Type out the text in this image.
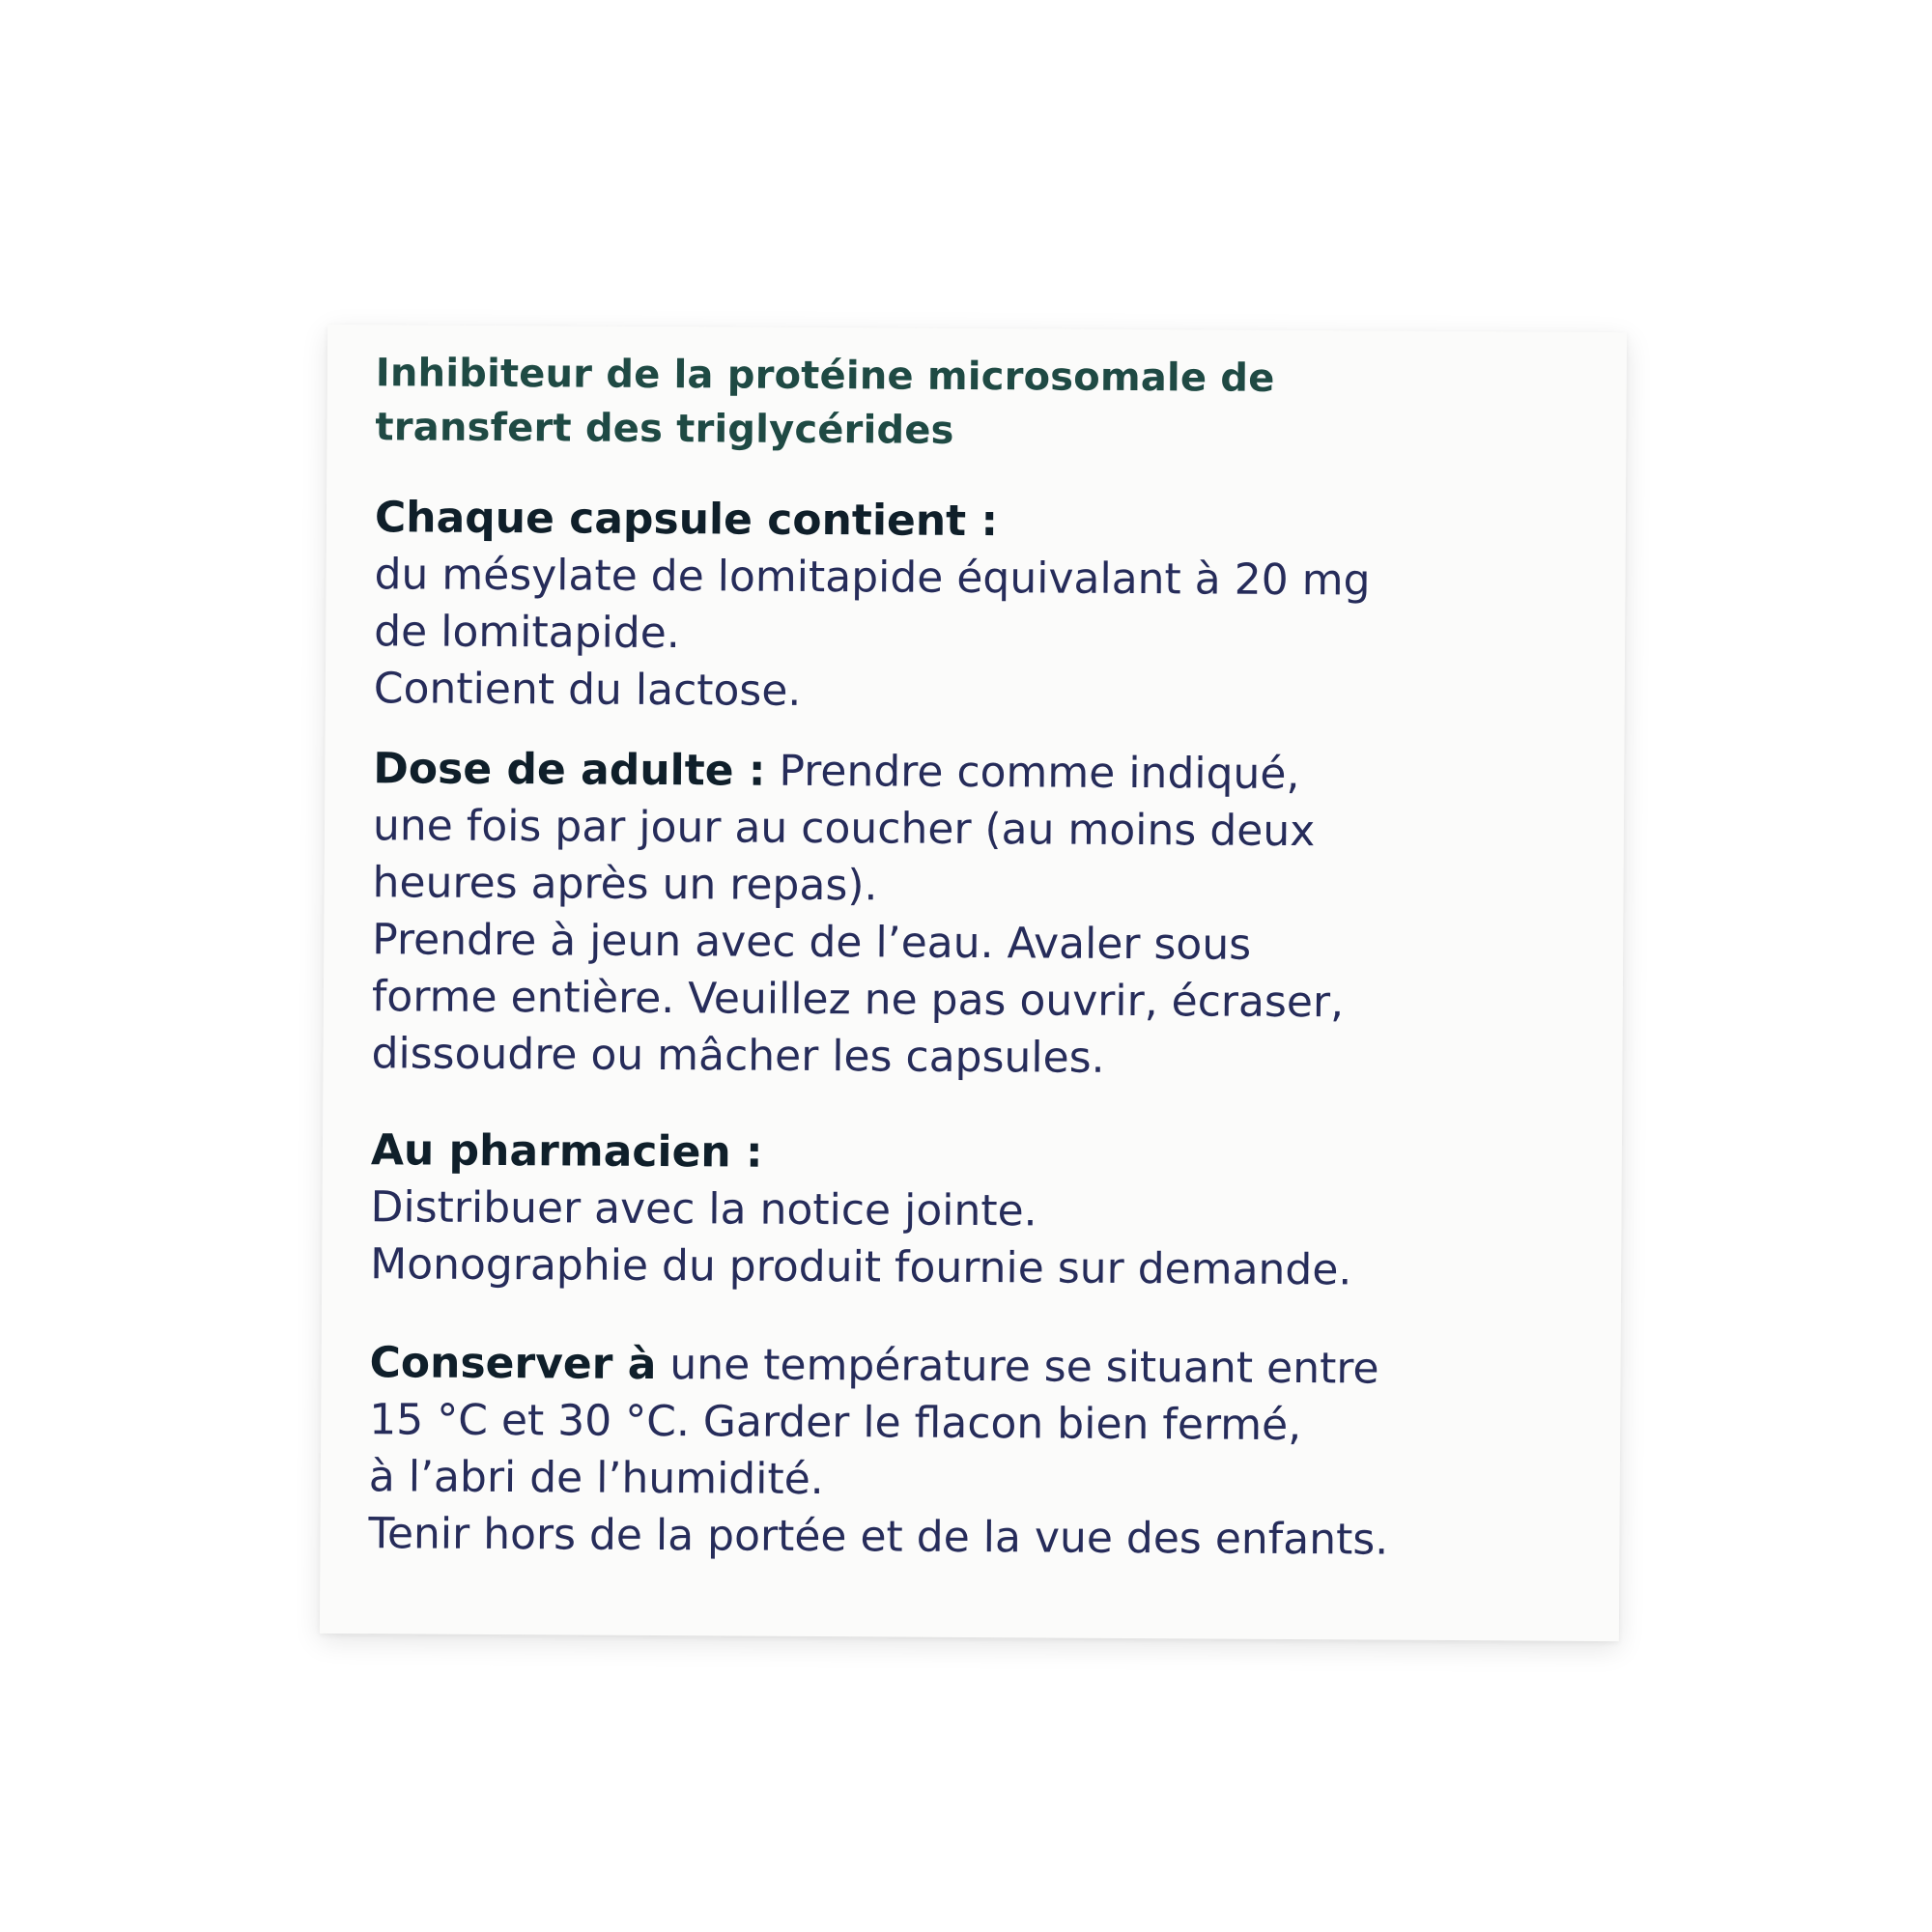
Inhibiteur de la protéine microsomale de
transfert des triglycérides
Chaque capsule contient :
du mésylate de lomitapide équivalant à 20 mg
de lomitapide.
Contient du lactose.
Dose de adulte : Prendre comme indiqué,
une fois par jour au coucher (au moins deux
heures après un repas).
Prendre à jeun avec de l’eau. Avaler sous
forme entière. Veuillez ne pas ouvrir, écraser,
dissoudre ou mâcher les capsules.
Au pharmacien :
Distribuer avec la notice jointe.
Monographie du produit fournie sur demande.
Conserver à une température se situant entre
15 °C et 30 °C. Garder le flacon bien fermé,
à l’abri de l’humidité.
Tenir hors de la portée et de la vue des enfants.
